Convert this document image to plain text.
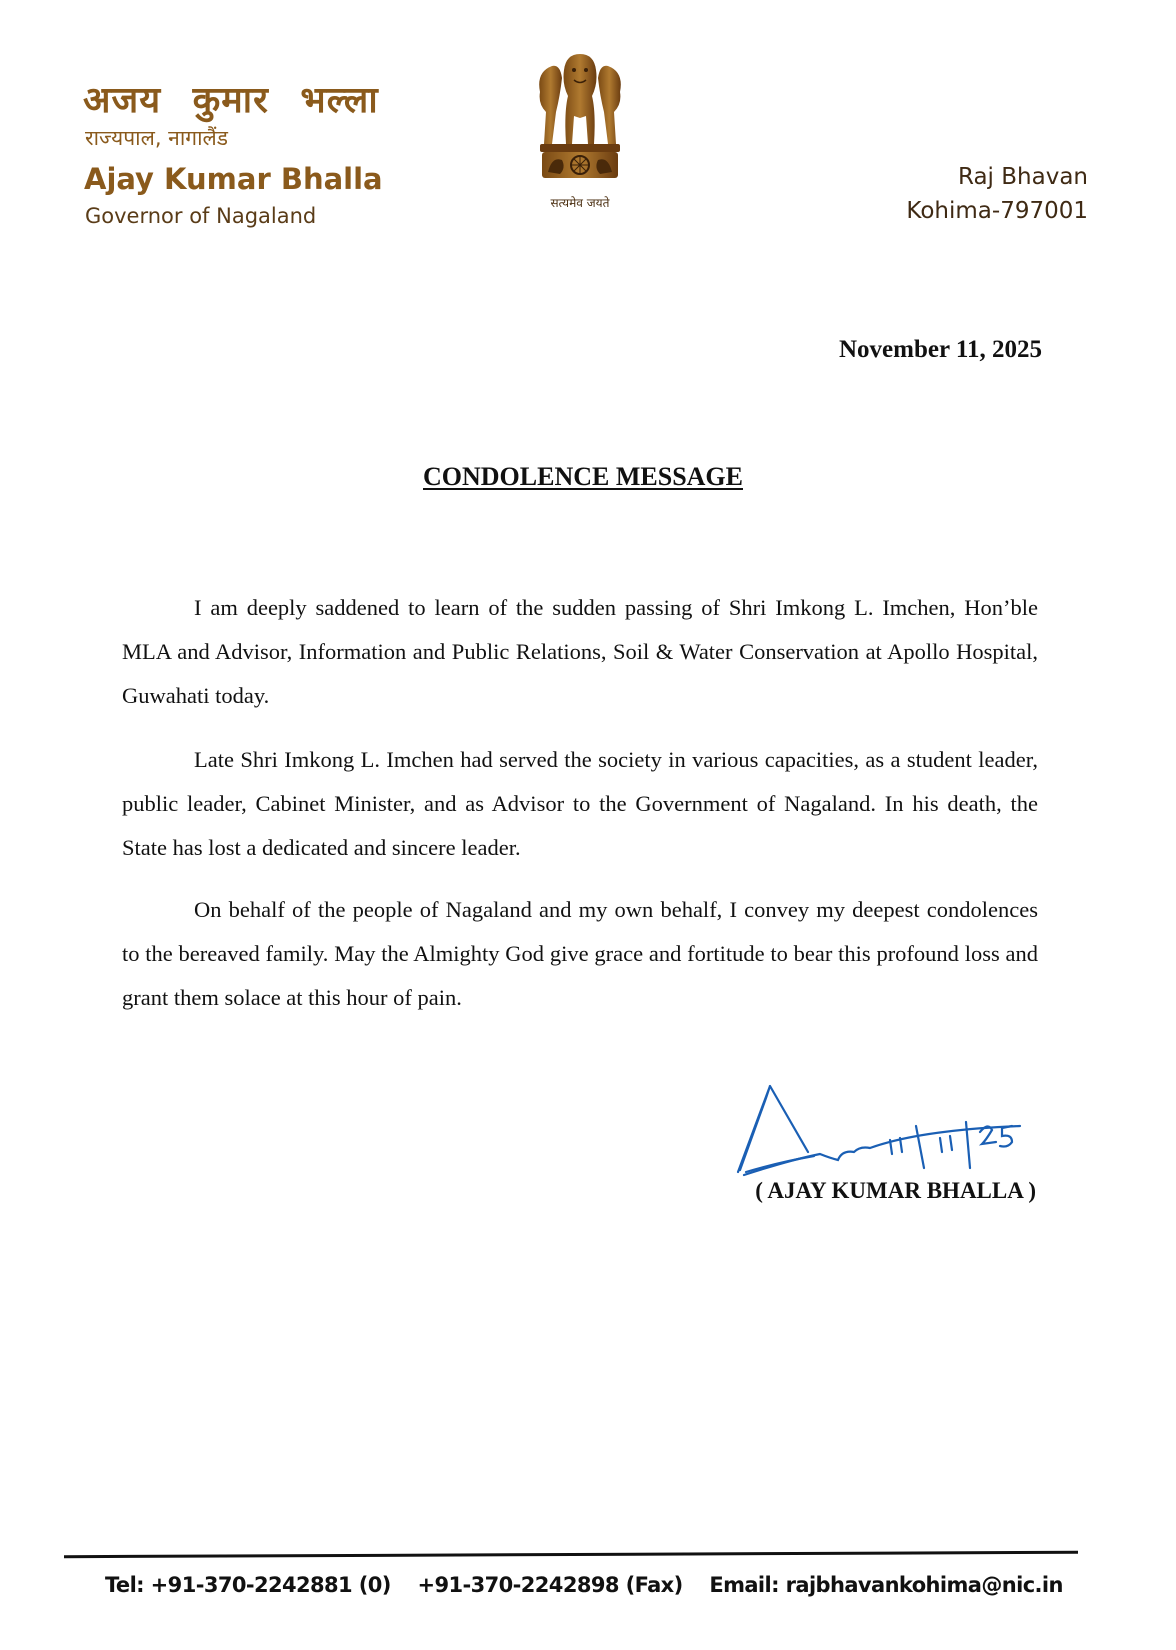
अजय कुमार भल्ला
राज्यपाल, नागालैंड
Ajay Kumar Bhalla
Governor of Nagaland
सत्यमेव जयते
Raj Bhavan
Kohima-797001
November 11, 2025
CONDOLENCE MESSAGE

I am deeply saddened to learn of the sudden passing of Shri Imkong L. Imchen, Hon’ble MLA and Advisor, Information and Public Relations, Soil & Water Conservation at Apollo Hospital, Guwahati today.

Late Shri Imkong L. Imchen had served the society in various capacities, as a student leader, public leader, Cabinet Minister, and as Advisor to the Government of Nagaland. In his death, the State has lost a dedicated and sincere leader.

On behalf of the people of Nagaland and my own behalf, I convey my deepest condolences to the bereaved family. May the Almighty God give grace and fortitude to bear this profound loss and grant them solace at this hour of pain.

( AJAY KUMAR BHALLA )
Tel: +91-370-2242881 (0) +91-370-2242898 (Fax) Email: rajbhavankohima@nic.in
